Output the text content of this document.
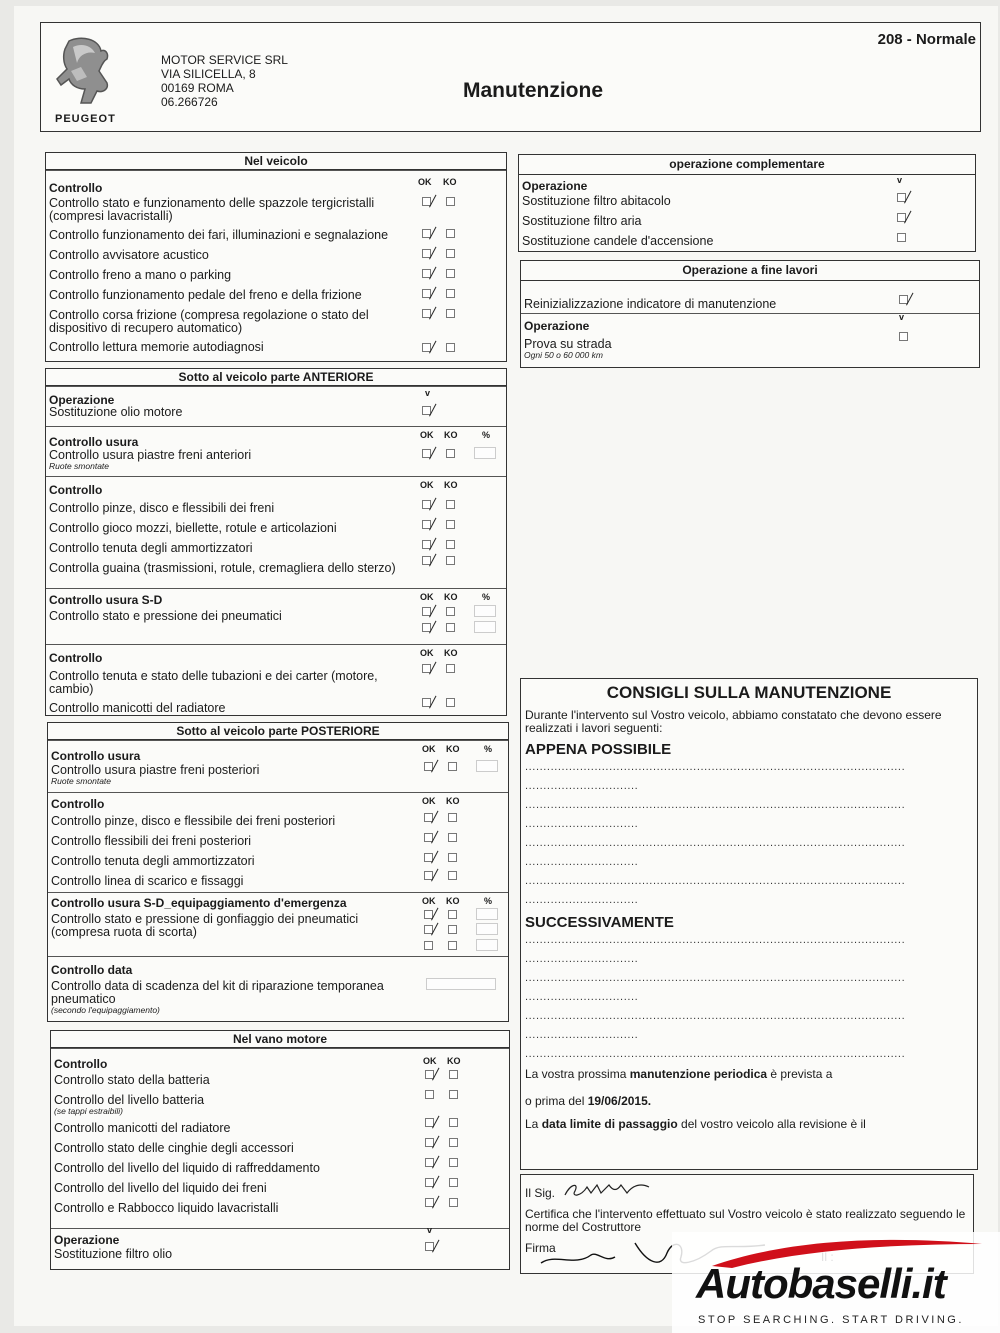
PEUGEOT
MOTOR SERVICE SRL
VIA SILICELLA, 8
00169 ROMA
06.266726	Manutenzione
208 - Normale
Nel veicolo
Controllo	OK KO
Controllo stato e funzionamento delle spazzole tergicristalli (compresi lavacristalli)
Controllo funzionamento dei fari, illuminazioni e segnalazione
Controllo avvisatore acustico
Controllo freno a mano o parking
Controllo funzionamento pedale del freno e della frizione
Controllo corsa frizione (compresa regolazione o stato del dispositivo di recupero automatico)
Controllo lettura memorie autodiagnosi
Sotto al veicolo parte ANTERIORE
v
Operazione
Sostituzione olio motore
Controllo usura	OK KO	%
Controllo usura piastre freni anteriori
Ruote smontate
Controllo	OK KO
Controllo pinze, disco e flessibili dei freni
Controllo gioco mozzi, biellette, rotule e articolazioni
Controllo tenuta degli ammortizzatori
Controlla guaina (trasmissioni, rotule, cremagliera dello sterzo)
Controllo usura S-D	OK KO	%
Controllo stato e pressione dei pneumatici
Controllo	OK KO
Controllo tenuta e stato delle tubazioni e dei carter (motore, cambio)
Controllo manicotti del radiatore
Sotto al veicolo parte POSTERIORE
Controllo usura	OK KO	%
Controllo usura piastre freni posteriori
Ruote smontate
Controllo	OK KO
Controllo pinze, disco e flessibile dei freni posteriori
Controllo flessibili dei freni posteriori
Controllo tenuta degli ammortizzatori
Controllo linea di scarico e fissaggi
Controllo usura S-D_equipaggiamento d'emergenza	OK KO	%
Controllo stato e pressione di gonfiaggio dei pneumatici (compresa ruota di scorta)
Controllo data
Controllo data di scadenza del kit di riparazione temporanea pneumatico
(secondo l'equipaggiamento)
Nel vano motore
Controllo	OK KO
Controllo stato della batteria
Controllo del livello batteria
(se tappi estraibili)
Controllo manicotti del radiatore
Controllo stato delle cinghie degli accessori
Controllo del livello del liquido di raffreddamento
Controllo del livello del liquido dei freni
Controllo e Rabbocco liquido lavacristalli
v
Operazione
Sostituzione filtro olio
operazione complementare
v
Operazione
Sostituzione filtro abitacolo
Sostituzione filtro aria
Sostituzione candele d'accensione
Operazione a fine lavori
Reinizializzazione indicatore di manutenzione
v
Operazione
Prova su strada
Ogni 50 o 60 000 km
CONSIGLI SULLA MANUTENZIONE
Durante l'intervento sul Vostro veicolo, abbiamo constatato che devono essere realizzati i lavori seguenti:
APPENA POSSIBILE
........................................................................................................
...............................
........................................................................................................
...............................
........................................................................................................
...............................
........................................................................................................
...............................
SUCCESSIVAMENTE
........................................................................................................
...............................
........................................................................................................
...............................
........................................................................................................
...............................
........................................................................................................
La vostra prossima manutenzione periodica è prevista a
o prima del 19/06/2015.
La data limite di passaggio del vostro veicolo alla revisione è il
Il Sig.
Certifica che l'intervento effettuato sul Vostro veicolo è stato realizzato seguendo le norme del Costruttore
Firma
Autobaselli.it
STOP SEARCHING. START DRIVING.
